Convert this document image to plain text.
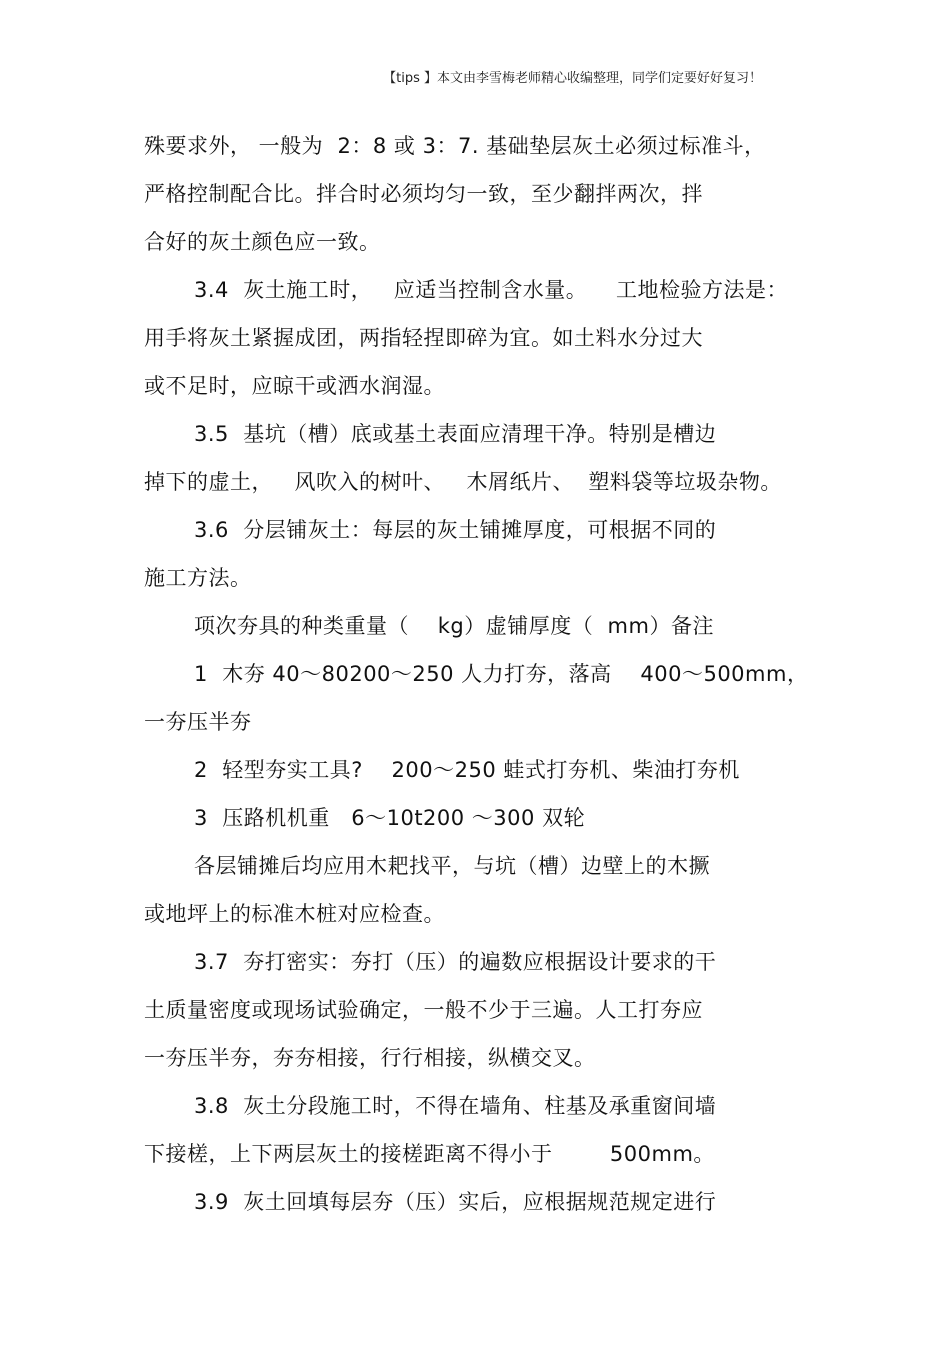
【tips 】本文由李雪梅老师精心收编整理，同学们定要好好复习！
殊要求外， 一般为  2：8 或 3：7. 基础垫层灰土必须过标准斗，
严格控制配合比。拌合时必须均匀一致，至少翻拌两次，拌
合好的灰土颜色应一致。
3.4  灰土施工时，   应适当控制含水量。    工地检验方法是：
用手将灰土紧握成团，两指轻捏即碎为宜。如土料水分过大
或不足时，应晾干或洒水润湿。
3.5  基坑（槽）底或基土表面应清理干净。特别是槽边
掉下的虚土，   风吹入的树叶、   木屑纸片、  塑料袋等垃圾杂物。
3.6  分层铺灰土：每层的灰土铺摊厚度，可根据不同的
施工方法。
项次夯具的种类重量（    kg）虚铺厚度（  mm）备注
1  木夯 40～80200～250 人力打夯，落高    400～500mm，
一夯压半夯
2  轻型夯实工具?    200～250 蛙式打夯机、柴油打夯机
3  压路机机重   6～10t200 ～300 双轮
各层铺摊后均应用木耙找平，与坑（槽）边壁上的木撅
或地坪上的标准木桩对应检查。
3.7  夯打密实：夯打（压）的遍数应根据设计要求的干
土质量密度或现场试验确定，一般不少于三遍。人工打夯应
一夯压半夯，夯夯相接，行行相接，纵横交叉。
3.8  灰土分段施工时，不得在墙角、柱基及承重窗间墙
下接槎，上下两层灰土的接槎距离不得小于        500mm。
3.9  灰土回填每层夯（压）实后，应根据规范规定进行
